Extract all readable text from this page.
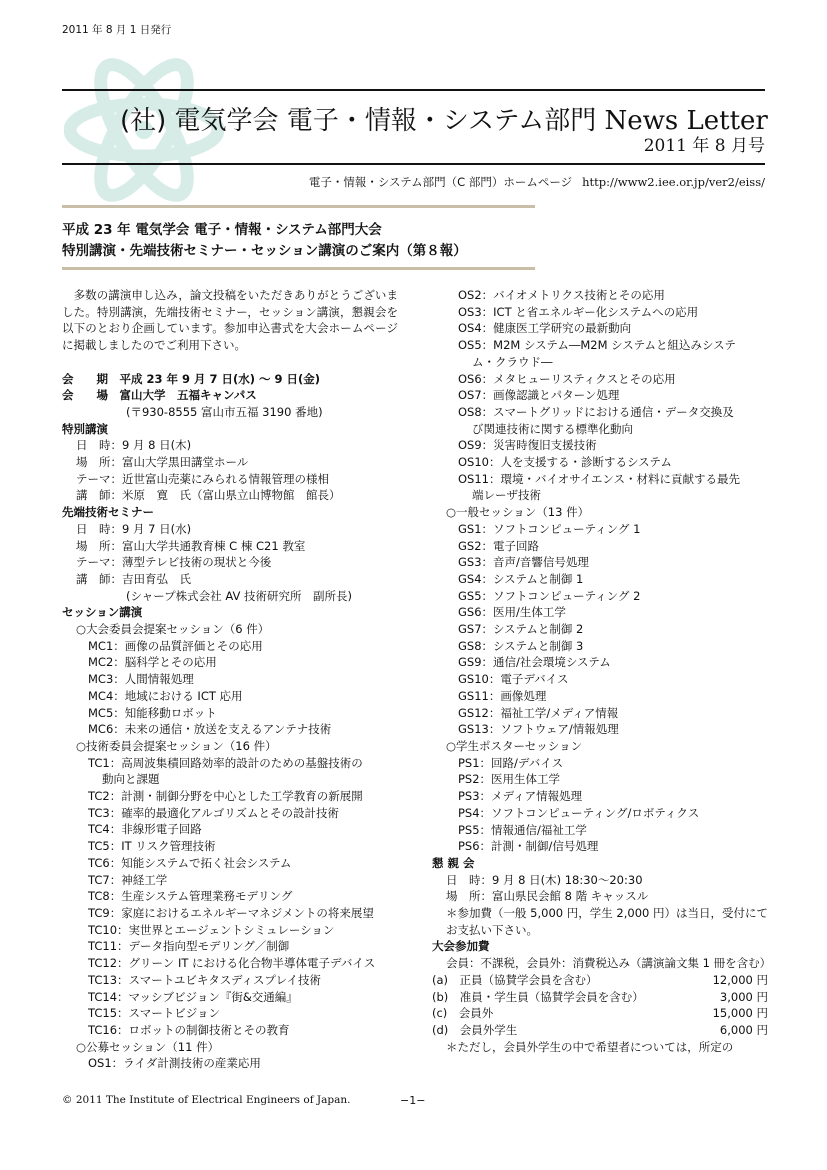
2011 年 8 月 1 日発行
(社) 電気学会 電子・情報・システム部門 News Letter
2011 年 8 月号
電子・情報・システム部門（C 部門）ホームページ http://www2.iee.or.jp/ver2/eiss/
平成 23 年 電気学会 電子・情報・システム部門大会
特別講演・先端技術セミナー・セッション講演のご案内（第８報）
　多数の講演申し込み，論文投稿をいただきありがとうございました。特別講演，先端技術セミナー，セッション講演，懇親会を以下のとおり企画しています。参加申込書式を大会ホームページに掲載しましたのでご利用下さい。
会　　期　平成 23 年 9 月 7 日(水) 〜 9 日(金)
会　　場　富山大学　五福キャンパス
(〒930-8555 富山市五福 3190 番地)
特別講演
日　時：9 月 8 日(木)
場　所：富山大学黒田講堂ホール
テーマ：近世富山売薬にみられる情報管理の様相
講　師：米原　寛　氏（富山県立山博物館　館長）
先端技術セミナー
日　時：9 月 7 日(水)
場　所：富山大学共通教育棟 C 棟 C21 教室
テーマ：薄型テレビ技術の現状と今後
講　師：吉田育弘　氏
(シャープ株式会社 AV 技術研究所　副所長)
セッション講演
○大会委員会提案セッション（6 件）
MC1：画像の品質評価とその応用
MC2：脳科学とその応用
MC3：人間情報処理
MC4：地域における ICT 応用
MC5：知能移動ロボット
MC6：未来の通信・放送を支えるアンテナ技術
○技術委員会提案セッション（16 件）
TC1：高周波集積回路効率的設計のための基盤技術の
動向と課題
TC2：計測・制御分野を中心とした工学教育の新展開
TC3：確率的最適化アルゴリズムとその設計技術
TC4：非線形電子回路
TC5：IT リスク管理技術
TC6：知能システムで拓く社会システム
TC7：神経工学
TC8：生産システム管理業務モデリング
TC9：家庭におけるエネルギーマネジメントの将来展望
TC10：実世界とエージェントシミュレーション
TC11：データ指向型モデリング／制御
TC12：グリーン IT における化合物半導体電子デバイス
TC13：スマートユビキタスディスプレイ技術
TC14：マッシブビジョン『街&交通編』
TC15：スマートビジョン
TC16：ロボットの制御技術とその教育
○公募セッション（11 件）
OS1：ライダ計測技術の産業応用
OS2：バイオメトリクス技術とその応用
OS3：ICT と省エネルギー化システムへの応用
OS4：健康医工学研究の最新動向
OS5：M2M システム―M2M システムと組込みシステ
ム・クラウド―
OS6：メタヒューリスティクスとその応用
OS7：画像認識とパターン処理
OS8：スマートグリッドにおける通信・データ交換及
び関連技術に関する標準化動向
OS9：災害時復旧支援技術
OS10：人を支援する・診断するシステム
OS11：環境・バイオサイエンス・材料に貢献する最先
端レーザ技術
○一般セッション（13 件）
GS1：ソフトコンピューティング 1
GS2：電子回路
GS3：音声/音響信号処理
GS4：システムと制御 1
GS5：ソフトコンピューティング 2
GS6：医用/生体工学
GS7：システムと制御 2
GS8：システムと制御 3
GS9：通信/社会環境システム
GS10：電子デバイス
GS11：画像処理
GS12：福祉工学/メディア情報
GS13：ソフトウェア/情報処理
○学生ポスターセッション
PS1：回路/デバイス
PS2：医用生体工学
PS3：メディア情報処理
PS4：ソフトコンピューティング/ロボティクス
PS5：情報通信/福祉工学
PS6：計測・制御/信号処理
懇 親 会
日　時：9 月 8 日(木) 18:30〜20:30
場　所：富山県民会館 8 階 キャッスル
＊参加費（一般 5,000 円，学生 2,000 円）は当日，受付にてお支払い下さい。
大会参加費
会員：不課税，会員外：消費税込み（講演論文集 1 冊を含む）
(a)　正員（協賛学会員を含む）	12,000 円
(b)　准員・学生員（協賛学会員を含む）	3,000 円
(c)　会員外	15,000 円
(d)　会員外学生	6,000 円
＊ただし，会員外学生の中で希望者については，所定の
© 2011 The Institute of Electrical Engineers of Japan.	−1−
